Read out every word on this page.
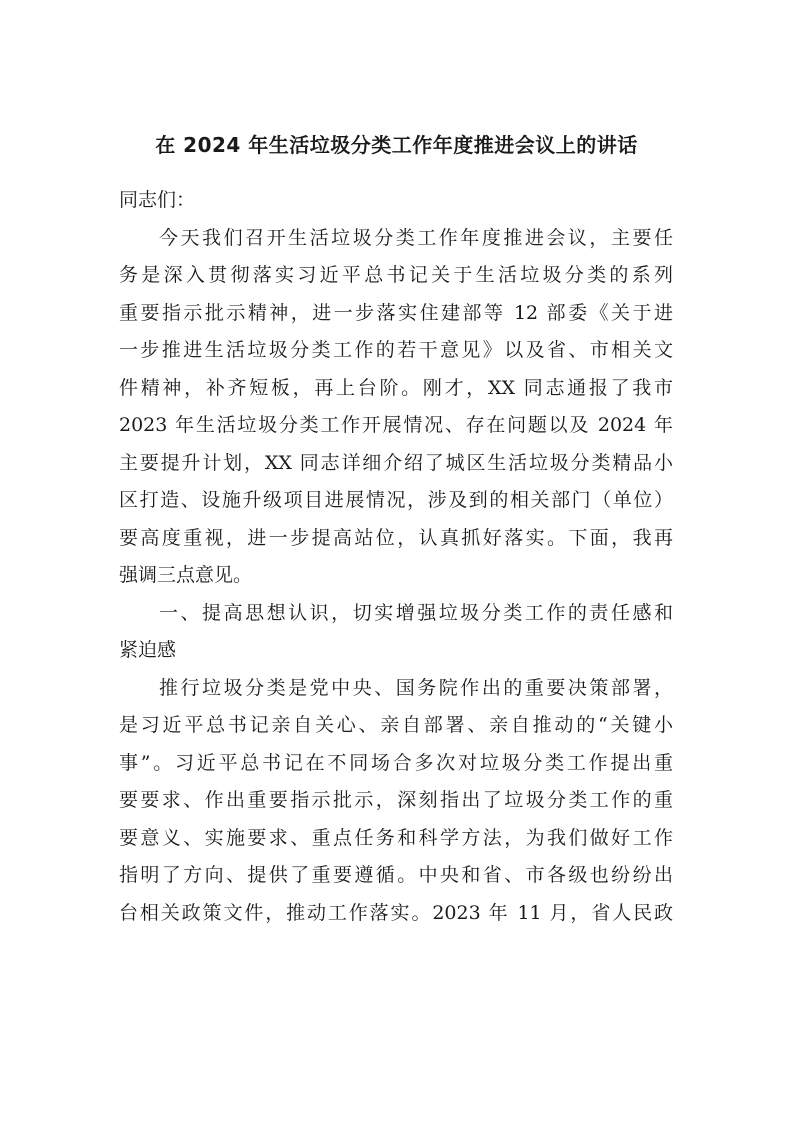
在 2024 年生活垃圾分类工作年度推进会议上的讲话
同志们：
今天我们召开生活垃圾分类工作年度推进会议，主要任
务是深入贯彻落实习近平总书记关于生活垃圾分类的系列
重要指示批示精神，进一步落实住建部等 12 部委《关于进
一步推进生活垃圾分类工作的若干意见》以及省、市相关文
件精神，补齐短板，再上台阶。刚才，XX 同志通报了我市
2023 年生活垃圾分类工作开展情况、存在问题以及 2024 年
主要提升计划，XX 同志详细介绍了城区生活垃圾分类精品小
区打造、设施升级项目进展情况，涉及到的相关部门（单位）
要高度重视，进一步提高站位，认真抓好落实。下面，我再
强调三点意见。
一、提高思想认识，切实增强垃圾分类工作的责任感和
紧迫感
推行垃圾分类是党中央、国务院作出的重要决策部署，
是习近平总书记亲自关心、亲自部署、亲自推动的“关键小
事”。习近平总书记在不同场合多次对垃圾分类工作提出重
要要求、作出重要指示批示，深刻指出了垃圾分类工作的重
要意义、实施要求、重点任务和科学方法，为我们做好工作
指明了方向、提供了重要遵循。中央和省、市各级也纷纷出
台相关政策文件，推动工作落实。2023 年 11 月，省人民政
